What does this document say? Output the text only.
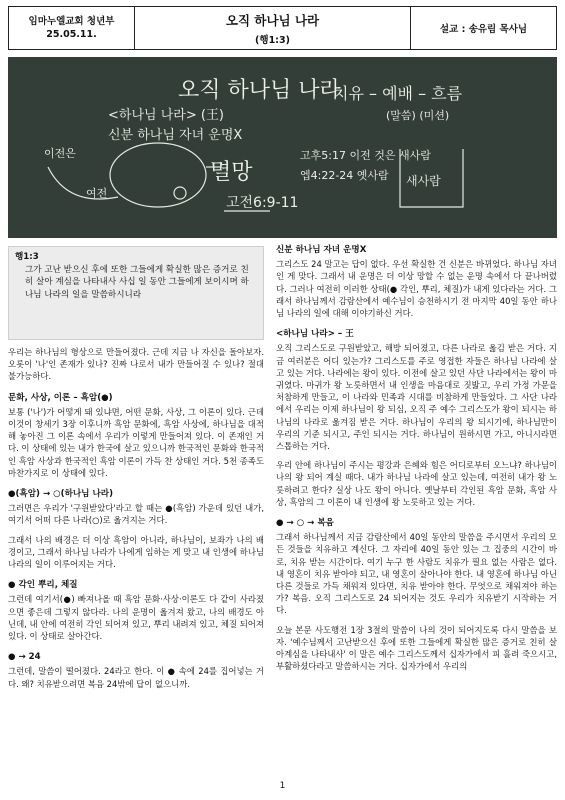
임마누엘교회 청년부
25.05.11.
오직 하나님 나라
(행1:3)
설교 : 송유림 목사님
오직 하나님 나라
치유 – 예배 – 흐름
(말씀) (미션)
<하나님 나라> (王)
신분 하나님 자녀 운명X
이전은
멸망
고후5:17 이전 것은 새사람
엡4:22-24 옛사람
고전6:9-11
여전
새사람
행1:3
그가 고난 받으신 후에 또한 그들에게 확실한 많은 증거로 친히 살아 계심을 나타내사 사십 일 동안 그들에게 보이시며 하나님 나라의 일을 말씀하시니라

우리는 하나님의 형상으로 만들어졌다. 근데 지금 나 자신을 돌아보자. 오롯이 '나'인 존재가 있나? 진짜 나로서 내가 만들어질 수 있나? 절대 불가능하다.

문화, 사상, 이론 – 흑암(●)

보통 ('나')가 어떻게 돼 있냐면, 어떤 문화, 사상, 그 이론이 있다. 근데 이것이 창세기 3장 이후니까 흑암 문화에, 흑암 사상에, 하나님을 대적해 놓아진 그 이론 속에서 우리가 이렇게 만들어져 있다. 이 존재인 거다. 이 상태에 있는 내가 한국에 살고 있으니까 한국적인 문화와 한국적인 흑암 사상과 한국적인 흑암 이론이 가득 찬 상태인 거다. 5천 종족도 마찬가지로 이 상태에 있다.

●(흑암) → ○(하나님 나라)

그러면은 우리가 '구원받았다'라고 할 때는 ●(흑암) 가운데 있던 내가, 여기서 어떠 다른 나라(○)로 옮겨지는 거다.

그래서 나의 배경은 더 이상 흑암이 아니라, 하나님이, 보좌가 나의 배경이고, 그래서 하나님 나라가 나에게 임하는 게 맞고 내 인생에 하나님 나라의 일이 이루어지는 거다.

● 각인 뿌리, 체질

그런데 여기서(●) 빠져나올 때 흑암 문화·사상·이론도 다 같이 사라졌으면 좋은데 그렇지 않다라. 나의 운명이 옮겨져 왔고, 나의 배경도 아닌데, 내 안에 여전히 각인 되어져 있고, 뿌리 내려져 있고, 체질 되어져 있다. 이 상태로 살아간다.

● → 24

그런데, 말씀이 떨어졌다. 24라고 한다. 이 ● 속에 24를 집어넣는 거다. 왜? 치유받으려면 복음 24밖에 답이 없으니까.

신분 하나님 자녀 운명X

그리스도 24 말고는 답이 없다. 우선 확실한 건 신분은 바뀌었다. 하나님 자녀인 게 맞다. 그래서 내 운명은 더 이상 망할 수 없는 운명 속에서 다 끝나버렸다. 그러나 여전히 이러한 상태(● 각인, 뿌리, 체질)가 내게 있다라는 거다. 그래서 하나님께서 감람산에서 예수님이 승천하시기 전 마지막 40일 동안 하나님 나라의 일에 대해 이야기하신 거다.

<하나님 나라> – 王

오직 그리스도로 구원받았고, 해방 되어졌고, 다른 나라로 옮김 받은 거다. 지금 여러분은 어디 있는가? 그리스도를 주로 영접한 자들은 하나님 나라에 살고 있는 거다. 나라에는 왕이 있다. 이전에 살고 있던 사단 나라에서는 왕이 마귀였다. 마귀가 왕 노릇하면서 내 인생을 마음대로 짓밟고, 우리 가정 가문을 처참하게 만들고, 이 나라와 민족과 시대를 비참하게 만들었다. 그 사단 나라에서 우리는 이제 하나님이 왕 되심, 오직 주 예수 그리스도가 왕이 되시는 하나님의 나라로 옮겨짐 받은 거다. 하나님이 우리의 왕 되시기에, 하나님만이 우리의 기준 되시고, 주인 되시는 거다. 하나님이 원하시면 가고, 아니시라면 스톱하는 거다.

우리 안에 하나님이 주시는 평강과 은혜와 힘은 어디로부터 오느냐? 하나님이 나의 왕 되어 계실 때다. 내가 하나님 나라에 살고 있는데, 여전히 내가 왕 노릇하려고 한다? 실상 나도 왕이 아니다. 옛날부터 각인된 흑암 문화, 흑암 사상, 흑암의 그 이론이 내 인생에 왕 노릇하고 있는 거다.

● → ○ → 복음

그래서 하나님께서 지금 감람산에서 40일 동안의 말씀을 주시면서 우리의 모든 것들을 치유하고 계신다. 그 자리에 40일 동안 있는 그 집중의 시간이 바로, 치유 받는 시간이다. 여기 누구 한 사람도 치유가 필요 없는 사람은 없다. 내 영혼이 치유 받아야 되고, 내 영혼이 살아나야 한다. 내 영혼에 하나님 아닌 다른 것들로 가득 채워져 있다면, 치유 받아야 한다. 무엇으로 채워져야 하는가? 복음. 오직 그리스도로 24 되어지는 것도 우리가 치유받기 시작하는 거다.

오늘 본문 사도행전 1장 3절의 말씀이 나의 것이 되어지도록 다시 말씀을 보자. '예수님께서 고난받으신 후에 또한 그들에게 확실한 많은 증거로 친히 살아계심을 나타내사' 이 말은 예수 그리스도께서 십자가에서 피 흘려 죽으시고, 부활하셨다라고 말씀하시는 거다. 십자가에서 우리의

1
